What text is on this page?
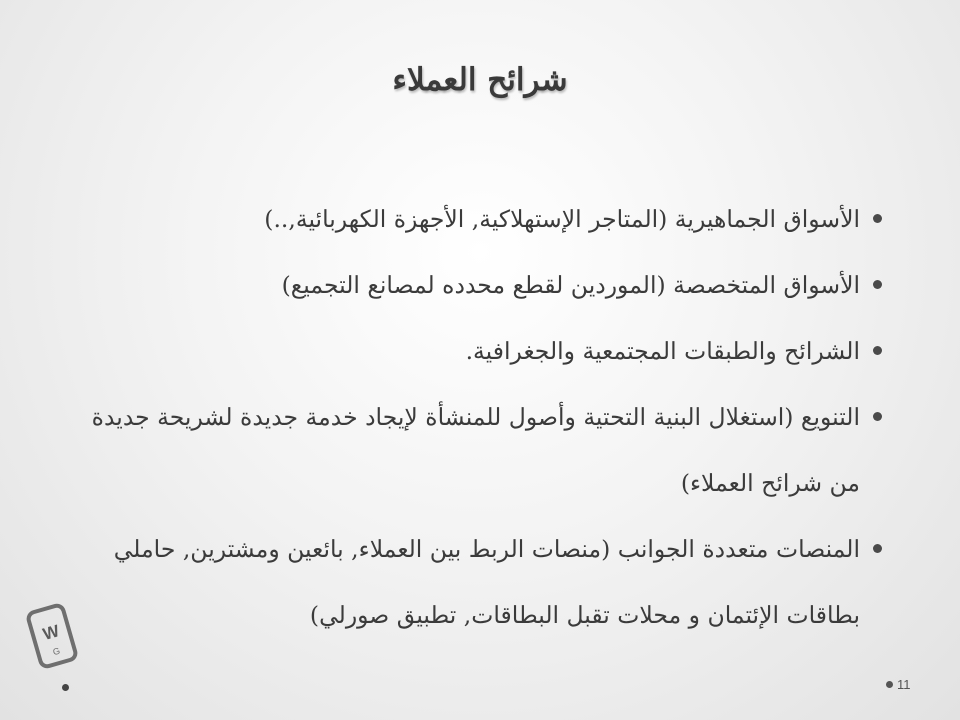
شرائح العملاء
الأسواق الجماهيرية (المتاجر الإستهلاكية, الأجهزة الكهربائية,..)
الأسواق المتخصصة (الموردين لقطع محدده لمصانع التجميع)
الشرائح والطبقات المجتمعية والجغرافية.
التنويع (استغلال البنية التحتية وأصول للمنشأة لإيجاد خدمة جديدة لشريحة جديدة من شرائح العملاء)
المنصات متعددة الجوانب (منصات الربط بين العملاء, بائعين ومشترين, حاملي بطاقات الإئتمان و محلات تقبل البطاقات, تطبيق صورلي)
W
G
11
